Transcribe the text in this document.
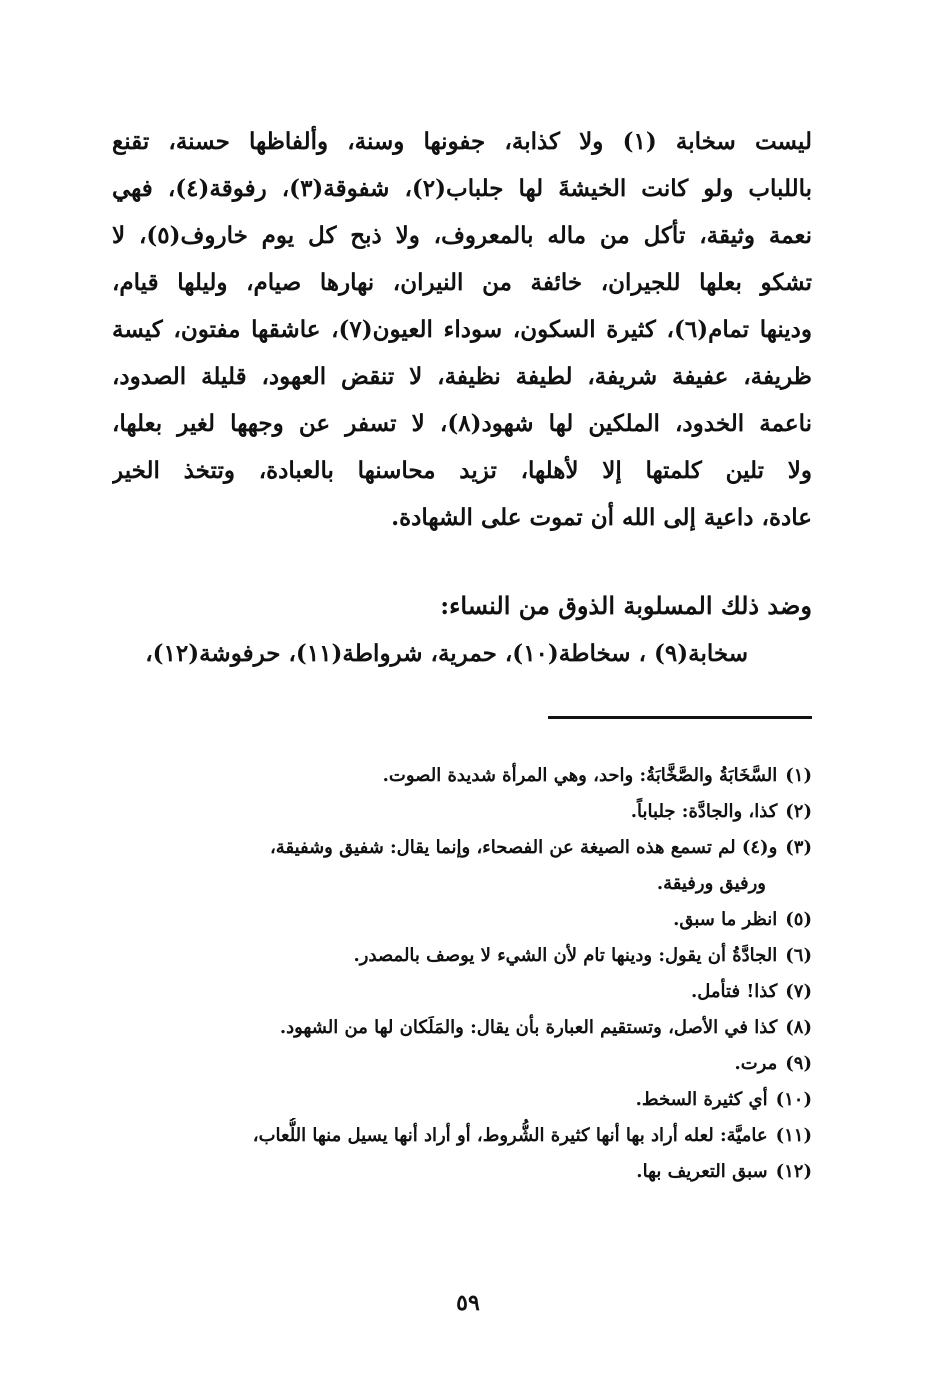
ليست سخابة (١) ولا كذابة، جفونها وسنة، وألفاظها حسنة، تقنع
باللباب ولو كانت الخيشةَ لها جلباب(٢)، شفوقة(٣)، رفوقة(٤)، فهي
نعمة وثيقة، تأكل من ماله بالمعروف، ولا ذبح كل يوم خاروف(٥)، لا
تشكو بعلها للجيران، خائفة من النيران، نهارها صيام، وليلها قيام،
ودينها تمام(٦)، كثيرة السكون، سوداء العيون(٧)، عاشقها مفتون، كيسة
ظريفة، عفيفة شريفة، لطيفة نظيفة، لا تنقض العهود، قليلة الصدود،
ناعمة الخدود، الملكين لها شهود(٨)، لا تسفر عن وجهها لغير بعلها،
ولا تلين كلمتها إلا لأهلها، تزيد محاسنها بالعبادة، وتتخذ الخير
عادة، داعية إلى الله أن تموت على الشهادة.
وضد ذلك المسلوبة الذوق من النساء:
سخابة(٩) ، سخاطة(١٠)، حمرية، شرواطة(١١)، حرفوشة(١٢)،
(١)
السَّخَابَةُ والصَّخَّابَةُ: واحد، وهي المرأة شديدة الصوت.
(٢)
كذا، والجادَّة: جلباباً.
(٣)
و(٤) لم تسمع هذه الصيغة عن الفصحاء، وإنما يقال: شفيق وشفيقة،
ورفيق ورفيقة.
(٥)
انظر ما سبق.
(٦)
الجادَّةُ أن يقول: ودينها تام لأن الشيء لا يوصف بالمصدر.
(٧)
كذا! فتأمل.
(٨)
كذا في الأصل، وتستقيم العبارة بأن يقال: والمَلَكان لها من الشهود.
(٩)
مرت.
(١٠)
أي كثيرة السخط.
(١١)
عاميَّة: لعله أراد بها أنها كثيرة الشُّروط، أو أراد أنها يسيل منها اللُّعاب،
(١٢)
سبق التعريف بها.
٥٩
